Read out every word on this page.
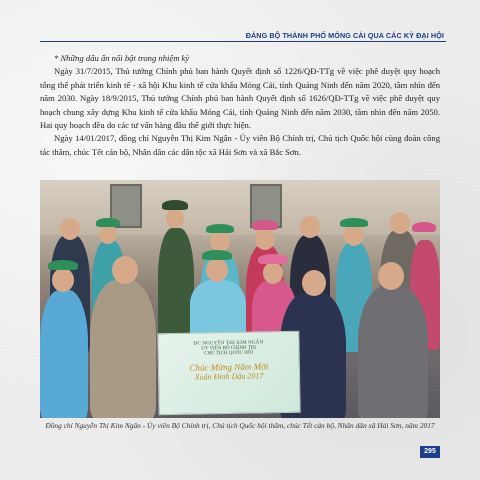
ĐẢNG BỘ THÀNH PHỐ MÓNG CÁI QUA CÁC KỲ ĐẠI HỘI

* Những dấu ấn nổi bật trong nhiệm kỳ

Ngày 31/7/2015, Thủ tướng Chính phủ ban hành Quyết định số 1226/QĐ-TTg về việc phê duyệt quy hoạch tổng thể phát triển kinh tế - xã hội Khu kinh tế cửa khẩu Móng Cái, tỉnh Quảng Ninh đến năm 2020, tầm nhìn đến năm 2030. Ngày 18/9/2015, Thủ tướng Chính phủ ban hành Quyết định số 1626/QĐ-TTg về việc phê duyệt quy hoạch chung xây dựng Khu kinh tế cửa khẩu Móng Cái, tỉnh Quảng Ninh đến năm 2030, tầm nhìn đến năm 2050. Hai quy hoạch đều do các tư vấn hàng đầu thế giới thực hiện.

Ngày 14/01/2017, đồng chí Nguyễn Thị Kim Ngân - Ủy viên Bộ Chính trị, Chủ tịch Quốc hội cùng đoàn công tác thăm, chúc Tết cán bộ, Nhân dân các dân tộc xã Hải Sơn và xã Bắc Sơn.

ĐC NGUYỄN THỊ KIM NGÂN
ỦY VIÊN BỘ CHÍNH TRỊ
CHỦ TỊCH QUỐC HỘI
Chúc Mừng Năm Mới
Xuân Đinh Dậu 2017
Đồng chí Nguyễn Thị Kim Ngân - Ủy viên Bộ Chính trị, Chủ tịch Quốc hội thăm, chúc Tết cán bộ, Nhân dân xã Hải Sơn, năm 2017
295
